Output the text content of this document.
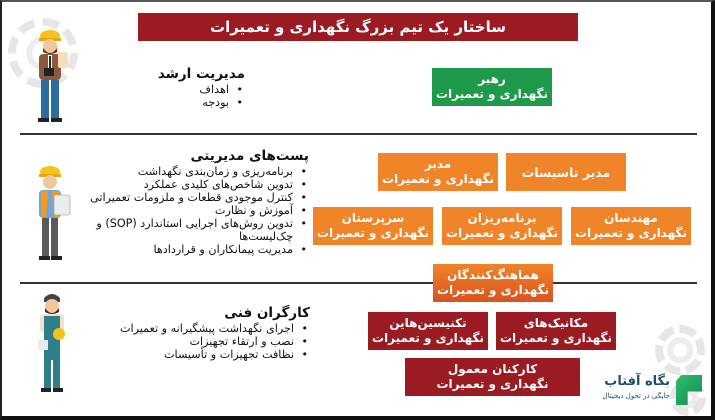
ساختار یک تیم بزرگ نگهداری و تعمیرات
مدیریت ارشد
• اهداف
• بودجه
رهبر
نگهداری و تعمیرات
پست‌های مدیریتی
• برنامه‌ریزی و زمان‌بندی نگهداشت
• تدوین شاخص‌های کلیدی عملکرد
• کنترل موجودی قطعات و ملزومات تعمیراتی
• آموزش و نظارت
• تدوین روش‌های اجرایی استاندارد (SOP) و چک‌لیست‌ها
• مدیریت پیمانکاران و قراردادها
مدیر تاسیسات
مدیر
نگهداری و تعمیرات
مهندسان
نگهداری و تعمیرات
برنامه‌ریزان
نگهداری و تعمیرات
سرپرستان
نگهداری و تعمیرات
هماهنگ‌کنندگان
نگهداری و تعمیرات
کارگران فنی
• اجرای نگهداشت پیشگیرانه و تعمیرات
• نصب و ارتقاء تجهیزات
• نظافت تجهیزات و تأسیسات
مکانیک‌های
نگهداری و تعمیرات
تکنیسین‌هاین
نگهداری و تعمیرات
کارکنان معمول
نگهداری و تعمیرات	بگاه آفتاب
جایگی در تحول دیجیتال
